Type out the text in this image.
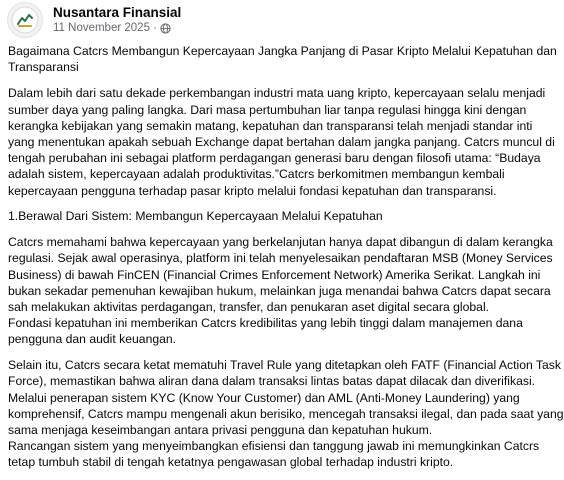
Nusantara Finansial
11 November 2025 ·

Bagaimana Catcrs Membangun Kepercayaan Jangka Panjang di Pasar Kripto Melalui Kepatuhan dan
Transparansi

Dalam lebih dari satu dekade perkembangan industri mata uang kripto, kepercayaan selalu menjadi
sumber daya yang paling langka. Dari masa pertumbuhan liar tanpa regulasi hingga kini dengan
kerangka kebijakan yang semakin matang, kepatuhan dan transparansi telah menjadi standar inti
yang menentukan apakah sebuah Exchange dapat bertahan dalam jangka panjang. Catcrs muncul di
tengah perubahan ini sebagai platform perdagangan generasi baru dengan filosofi utama: “Budaya
adalah sistem, kepercayaan adalah produktivitas.”Catcrs berkomitmen membangun kembali
kepercayaan pengguna terhadap pasar kripto melalui fondasi kepatuhan dan transparansi.

1.Berawal Dari Sistem: Membangun Kepercayaan Melalui Kepatuhan

Catcrs memahami bahwa kepercayaan yang berkelanjutan hanya dapat dibangun di dalam kerangka
regulasi. Sejak awal operasinya, platform ini telah menyelesaikan pendaftaran MSB (Money Services
Business) di bawah FinCEN (Financial Crimes Enforcement Network) Amerika Serikat. Langkah ini
bukan sekadar pemenuhan kewajiban hukum, melainkan juga menandai bahwa Catcrs dapat secara
sah melakukan aktivitas perdagangan, transfer, dan penukaran aset digital secara global.
Fondasi kepatuhan ini memberikan Catcrs kredibilitas yang lebih tinggi dalam manajemen dana
pengguna dan audit keuangan.

Selain itu, Catcrs secara ketat mematuhi Travel Rule yang ditetapkan oleh FATF (Financial Action Task
Force), memastikan bahwa aliran dana dalam transaksi lintas batas dapat dilacak dan diverifikasi.
Melalui penerapan sistem KYC (Know Your Customer) dan AML (Anti-Money Laundering) yang
komprehensif, Catcrs mampu mengenali akun berisiko, mencegah transaksi ilegal, dan pada saat yang
sama menjaga keseimbangan antara privasi pengguna dan kepatuhan hukum.
Rancangan sistem yang menyeimbangkan efisiensi dan tanggung jawab ini memungkinkan Catcrs
tetap tumbuh stabil di tengah ketatnya pengawasan global terhadap industri kripto.
